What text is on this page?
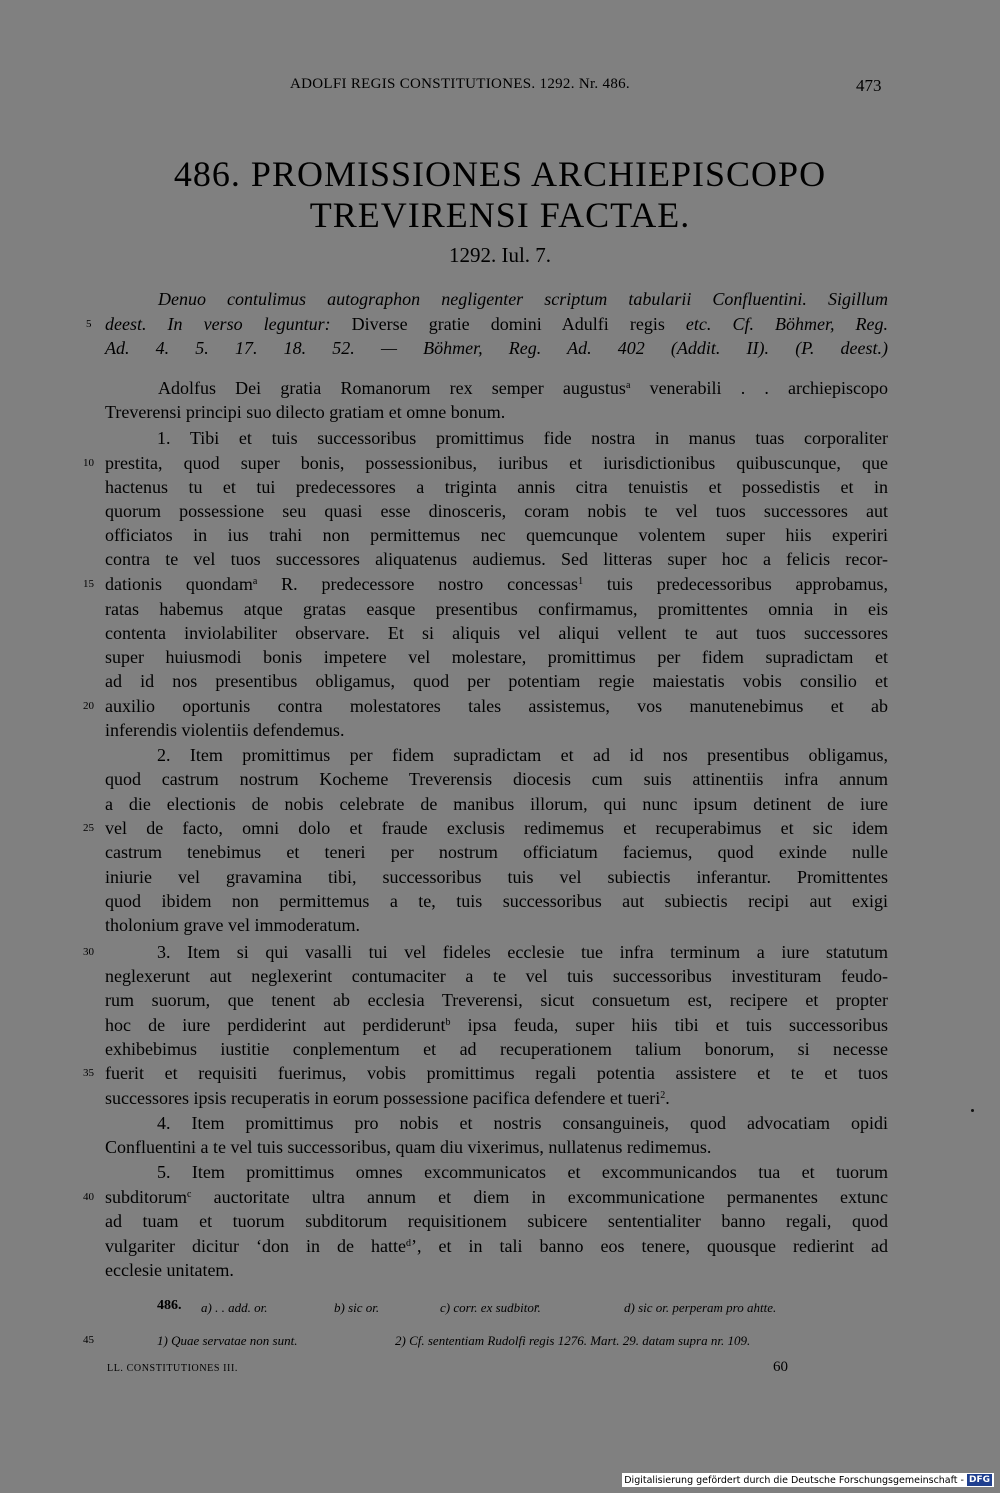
ADOLFI REGIS CONSTITUTIONES. 1292. Nr. 486.	473
486. PROMISSIONES ARCHIEPISCOPO
TREVIRENSI FACTAE.
1292. Iul. 7.
Denuo contulimus autographon negligenter scriptum tabularii Confluentini. Sigillum
deest. In verso leguntur: Diverse gratie domini Adulfi regis etc. Cf. Böhmer, Reg.
Ad. 4. 5. 17. 18. 52. — Böhmer, Reg. Ad. 402 (Addit. II). (P. deest.)
Adolfus Dei gratia Romanorum rex semper augustus$^a$ venerabili . . archiepiscopo
Treverensi principi suo dilecto gratiam et omne bonum.
1. Tibi et tuis successoribus promittimus fide nostra in manus tuas corporaliter
prestita, quod super bonis, possessionibus, iuribus et iurisdictionibus quibuscunque, que
hactenus tu et tui predecessores a triginta annis citra tenuistis et possedistis et in
quorum possessione seu quasi esse dinosceris, coram nobis te vel tuos successores aut
officiatos in ius trahi non permittemus nec quemcunque volentem super hiis experiri
contra te vel tuos successores aliquatenus audiemus. Sed litteras super hoc a felicis recor-
dationis quondam$^a$ R. predecessore nostro concessas$^1$ tuis predecessoribus approbamus,
ratas habemus atque gratas easque presentibus confirmamus, promittentes omnia in eis
contenta inviolabiliter observare. Et si aliquis vel aliqui vellent te aut tuos successores
super huiusmodi bonis impetere vel molestare, promittimus per fidem supradictam et
ad id nos presentibus obligamus, quod per potentiam regie maiestatis vobis consilio et
auxilio oportunis contra molestatores tales assistemus, vos manutenebimus et ab
inferendis violentiis defendemus.
2. Item promittimus per fidem supradictam et ad id nos presentibus obligamus,
quod castrum nostrum Kocheme Treverensis diocesis cum suis attinentiis infra annum
a die electionis de nobis celebrate de manibus illorum, qui nunc ipsum detinent de iure
vel de facto, omni dolo et fraude exclusis redimemus et recuperabimus et sic idem
castrum tenebimus et teneri per nostrum officiatum faciemus, quod exinde nulle
iniurie vel gravamina tibi, successoribus tuis vel subiectis inferantur. Promittentes
quod ibidem non permittemus a te, tuis successoribus aut subiectis recipi aut exigi
tholonium grave vel immoderatum.
3. Item si qui vasalli tui vel fideles ecclesie tue infra terminum a iure statutum
neglexerunt aut neglexerint contumaciter a te vel tuis successoribus investituram feudo-
rum suorum, que tenent ab ecclesia Treverensi, sicut consuetum est, recipere et propter
hoc de iure perdiderint aut perdiderunt$^b$ ipsa feuda, super hiis tibi et tuis successoribus
exhibebimus iustitie conplementum et ad recuperationem talium bonorum, si necesse
fuerit et requisiti fuerimus, vobis promittimus regali potentia assistere et te et tuos
successores ipsis recuperatis in eorum possessione pacifica defendere et tueri$^2$.
4. Item promittimus pro nobis et nostris consanguineis, quod advocatiam opidi
Confluentini a te vel tuis successoribus, quam diu vixerimus, nullatenus redimemus.
5. Item promittimus omnes excommunicatos et excommunicandos tua et tuorum
subditorum$^c$ auctoritate ultra annum et diem in excommunicatione permanentes extunc
ad tuam et tuorum subditorum requisitionem subicere sententialiter banno regali, quod
vulgariter dicitur ‘don in de hatte$^d$’, et in tali banno eos tenere, quousque redierint ad
ecclesie unitatem.
5
10
15
20
25
30
35
40
45
486. a) . . add. or.	b) sic or.	c) corr. ex sudbitor̄.	d) sic or. perperam pro ahtte.
1) Quae servatae non sunt.	2) Cf. sententiam Rudolfi regis 1276. Mart. 29. datam supra nr. 109.
LL. CONSTITUTIONES III.	60
Digitalisierung gefördert durch die Deutsche Forschungsgemeinschaft - DFG
